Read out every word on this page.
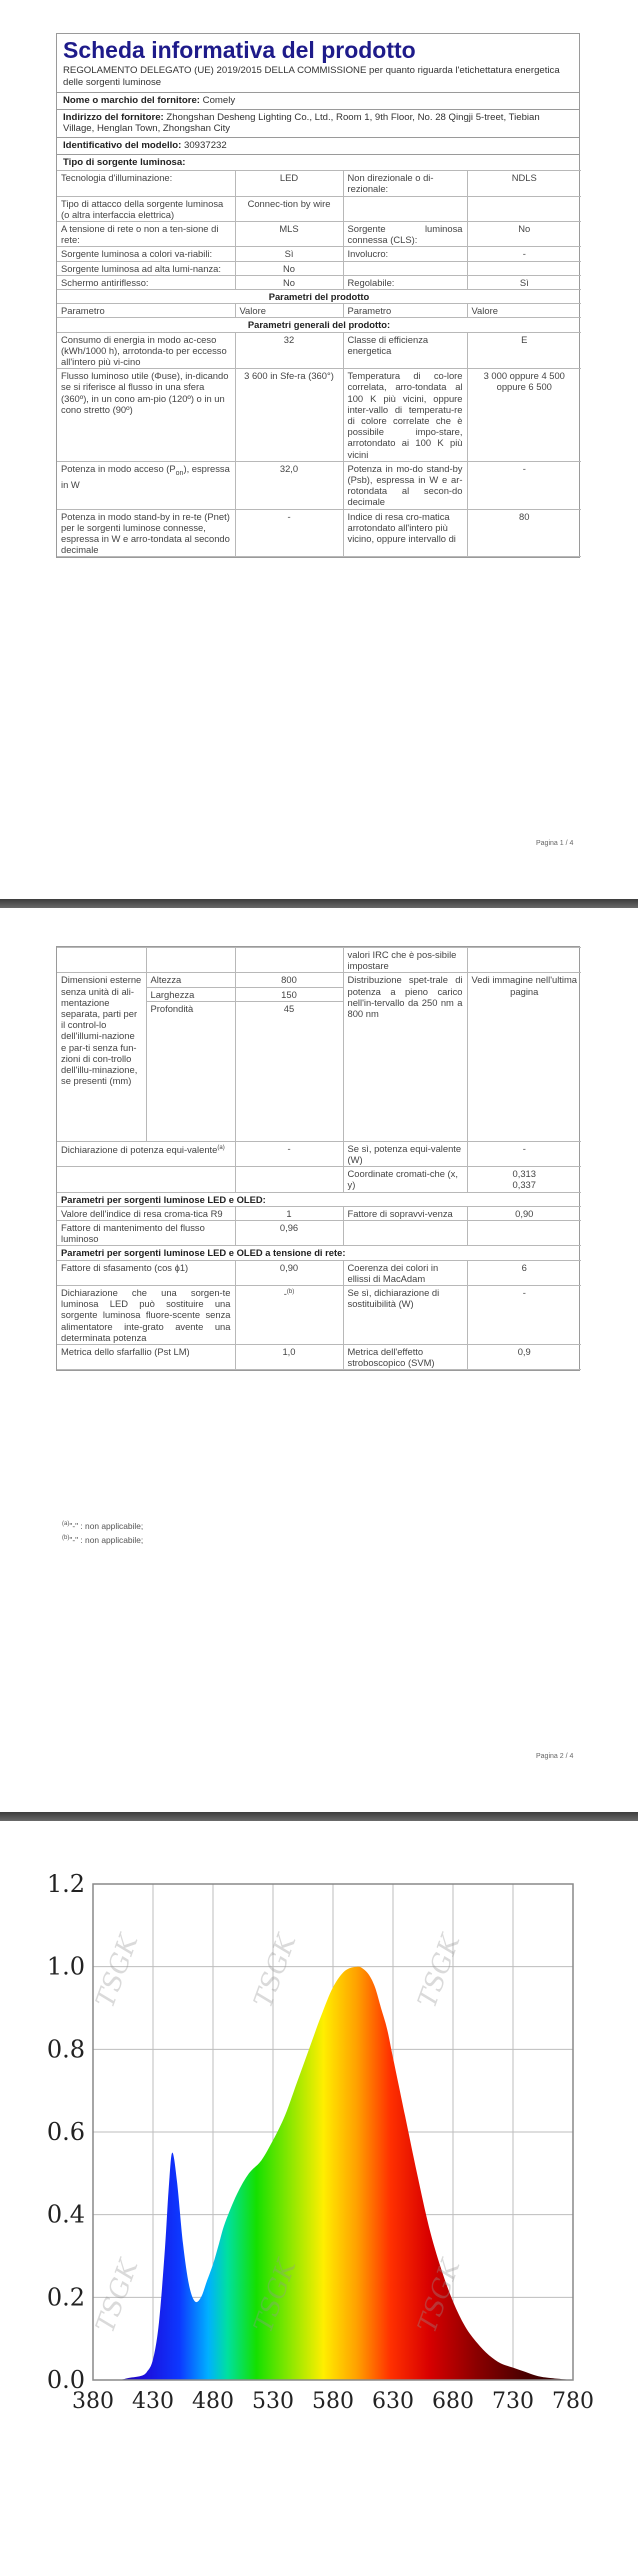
Scheda informativa del prodotto
REGOLAMENTO DELEGATO (UE) 2019/2015 DELLA COMMISSIONE per quanto riguarda l'etichettatura energetica delle sorgenti luminose
Nome o marchio del fornitore: Comely
Indirizzo del fornitore: Zhongshan Desheng Lighting Co., Ltd., Room 1, 9th Floor, No. 28 Qingji 5-treet, Tiebian Village, Henglan Town, Zhongshan City
Identificativo del modello: 30937232
Tipo di sorgente luminosa:
Tecnologia d'illuminazione:	LED	Non direzionale o di-rezionale:	NDLS

Tipo di attacco della sorgente luminosa
(o altra interfaccia elettrica)	Connec-tion by wire		
A tensione di rete o non a ten-sione di rete:	MLS	Sorgente luminosa connessa (CLS):	No
Sorgente luminosa a colori va-riabili:	Sì	Involucro:	-
Sorgente luminosa ad alta lumi-nanza:	No		
Schermo antiriflesso:	No	Regolabile:	Sì
Parametri del prodotto			
Parametro	Valore	Parametro	Valore
Parametri generali del prodotto:			
Consumo di energia in modo ac-ceso (kWh/1000 h), arrotonda-to per eccesso all'intero più vi-cino	32	Classe di efficienza energetica	E
Flusso luminoso utile (Φuse), in-dicando se si riferisce al flusso in una sfera (360º), in un cono am-pio (120º) o in un cono stretto (90º)	3 600 in Sfe-ra (360°)	Temperatura di co-lore correlata, arro-tondata al 100 K più vicini, oppure inter-vallo di temperatu-re di colore correlate che è possibile impo-stare, arrotondato ai 100 K più vicini	3 000 oppure 4 500 oppure 6 500
Potenza in modo acceso $(P_{on})$, espressa in W	32,0	Potenza in mo-do stand-by (Psb), espressa in W e ar-rotondata al secon-do decimale	-
Potenza in modo stand-by in re-te (Pnet) per le sorgenti luminose connesse, espressa in W e arro-tondata al secondo decimale	-	Indice di resa cro-matica arrotondato all'intero più vicino, oppure intervallo di	80
Pagina 1 / 4
			valori IRC che è pos-sibile impostare	
Dimensioni esterne senza unità di ali-mentazione separata, parti per il control-lo dell'illumi-nazione e par-ti senza fun-zioni di con-trollo dell'illu-minazione, se presenti (mm)	Altezza	800	Distribuzione spet-trale di potenza a pieno carico nell'in-tervallo da 250 nm a 800 nm	Vedi immagine nell'ultima pagina
	Larghezza	150		
	Profondità	45		
Dichiarazione di potenza equi-valente$^{(a)}$		-	Se sì, potenza equi-valente (W)	-
			Coordinate cromati-che (x, y)	0,313
0,337

Parametri per sorgenti luminose LED e OLED:				
Valore dell'indice di resa croma-tica R9		1	Fattore di sopravvi-venza	0,90
Fattore di mantenimento del flusso luminoso		0,96		
Parametri per sorgenti luminose LED e OLED a tensione di rete:				
Fattore di sfasamento (cos ϕ1)		0,90	Coerenza dei colori in ellissi di MacAdam	6
Dichiarazione che una sorgen-te luminosa LED può sostituire una sorgente luminosa fluore-scente senza alimentatore inte-grato avente una determinata potenza		-$^{(b)}$	Se sì, dichiarazione di sostituibilità (W)	-
Metrica dello sfarfallio (Pst LM)		1,0	Metrica dell'effetto stroboscopico (SVM)	0,9
$^{(a)}$"-" : non applicabile;
$^{(b)}$"-" : non applicabile;
Pagina 2 / 4
TSGK	TSGK	TSGK
TSGK	TSGK	TSGK
380 430 480 530 580 630 680 730 780
0.0
0.2
0.4
0.6
0.8
1.0
1.2
